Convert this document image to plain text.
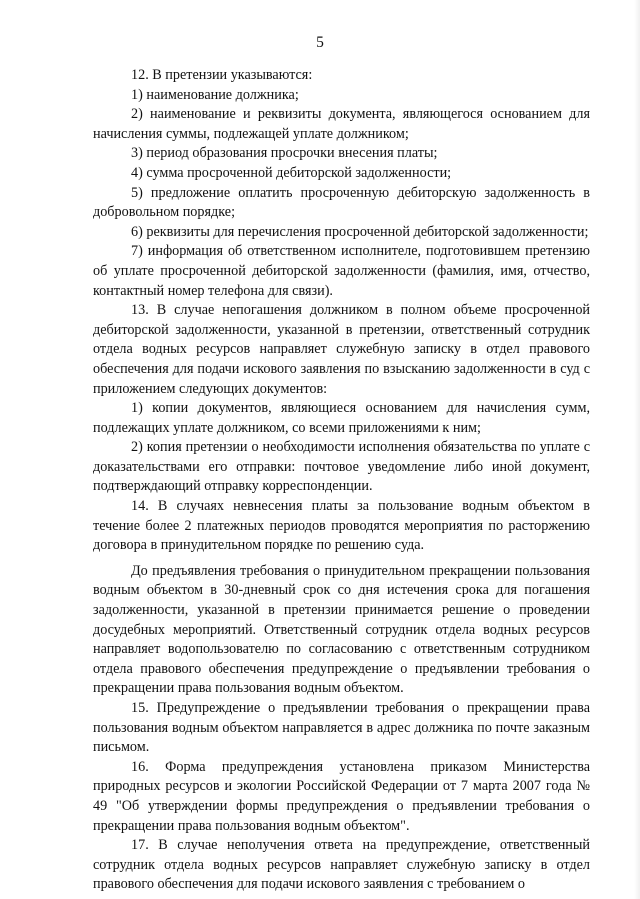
5

12. В претензии указываются:

1) наименование должника;

2) наименование и реквизиты документа, являющегося основанием для начисления суммы, подлежащей уплате должником;

3) период образования просрочки внесения платы;

4) сумма просроченной дебиторской задолженности;

5) предложение оплатить просроченную дебиторскую задолженность в добровольном порядке;

6) реквизиты для перечисления просроченной дебиторской задолженности;

7) информация об ответственном исполнителе, подготовившем претензию об уплате просроченной дебиторской задолженности (фамилия, имя, отчество, контактный номер телефона для связи).

13. В случае непогашения должником в полном объеме просроченной дебиторской задолженности, указанной в претензии, ответственный сотрудник отдела водных ресурсов направляет служебную записку в отдел правового обеспечения для подачи искового заявления по взысканию задолженности в суд с приложением следующих документов:

1) копии документов, являющиеся основанием для начисления сумм, подлежащих уплате должником, со всеми приложениями к ним;

2) копия претензии о необходимости исполнения обязательства по уплате с доказательствами его отправки: почтовое уведомление либо иной документ, подтверждающий отправку корреспонденции.

14. В случаях невнесения платы за пользование водным объектом в течение более 2 платежных периодов проводятся мероприятия по расторжению договора в принудительном порядке по решению суда.

До предъявления требования о принудительном прекращении пользования водным объектом в 30-дневный срок со дня истечения срока для погашения задолженности, указанной в претензии принимается решение о проведении досудебных мероприятий. Ответственный сотрудник отдела водных ресурсов направляет водопользователю по согласованию с ответственным сотрудником отдела правового обеспечения предупреждение о предъявлении требования о прекращении права пользования водным объектом.

15. Предупреждение о предъявлении требования о прекращении права пользования водным объектом направляется в адрес должника по почте заказным письмом.

16. Форма предупреждения установлена приказом Министерства природных ресурсов и экологии Российской Федерации от 7 марта 2007 года № 49 "Об утверждении формы предупреждения о предъявлении требования о прекращении права пользования водным объектом".

17. В случае неполучения ответа на предупреждение, ответственный сотрудник отдела водных ресурсов направляет служебную записку в отдел правового обеспечения для подачи искового заявления с требованием о
